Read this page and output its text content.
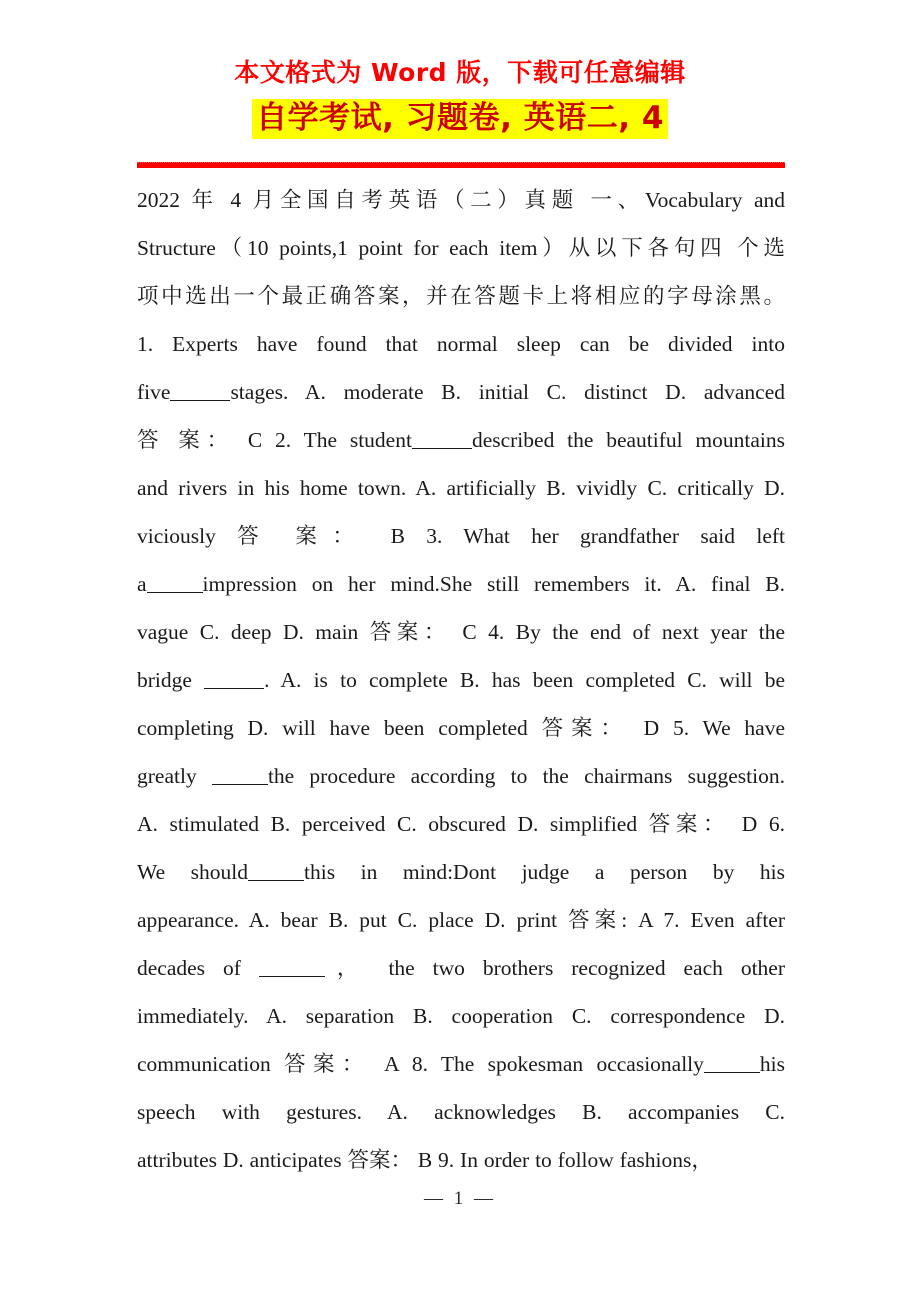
本文格式为 Word 版，下载可任意编辑
自学考试, 习题卷, 英语二, 4

2022 年 4 月全国自考英语（二）真题 一、Vocabulary and

Structure（10 points,1 point for each item）从以下各句四 个选

项中选出一个最正确答案，并在答题卡上将相应的字母涂黑。

1. Experts have found that normal sleep can be divided into

five	stages. A. moderate B. initial C. distinct D. advanced

答 案： C 2. The student	described the beautiful mountains

and rivers in his home town. A. artificially B. vividly C. critically D.

viciously 答 案： B 3. What her grandfather said left

a	impression on her mind.She still remembers it. A. final B.

vague C. deep D. main 答案： C 4. By the end of next year the

bridge	. A. is to complete B. has been completed C. will be

completing D. will have been completed 答案： D 5. We have

greatly	the procedure according to the chairmans suggestion.

A. stimulated B. perceived C. obscured D. simplified 答案： D 6.

We should	this in mind:Dont judge a person by his

appearance. A. bear B. put C. place D. print 答案: A 7. Even after

decades of	， the two brothers recognized each other

immediately. A. separation B. cooperation C. correspondence D.

communication 答案： A 8. The spokesman occasionally	his

speech with gestures. A. acknowledges B. accompanies C.

attributes D. anticipates 答案： B 9. In order to follow fashions，

— 1 —
